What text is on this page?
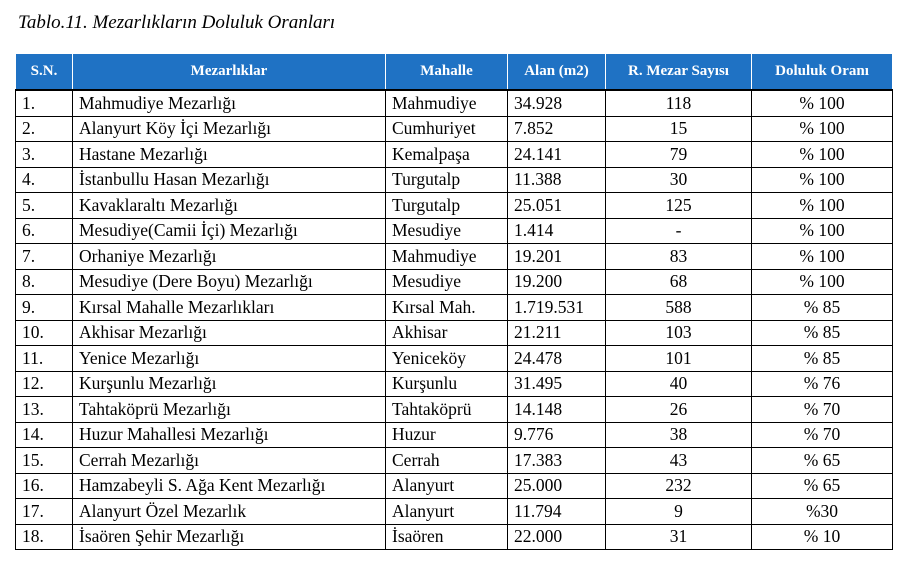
Tablo.11. Mezarlıkların Doluluk Oranları
S.N.	Mezarlıklar	Mahalle	Alan (m2)	R. Mezar Sayısı	Doluluk Oranı
1.	Mahmudiye Mezarlığı	Mahmudiye	34.928	118	% 100
2.	Alanyurt Köy İçi Mezarlığı	Cumhuriyet	7.852	15	% 100
3.	Hastane Mezarlığı	Kemalpaşa	24.141	79	% 100
4.	İstanbullu Hasan Mezarlığı	Turgutalp	11.388	30	% 100
5.	Kavaklaraltı Mezarlığı	Turgutalp	25.051	125	% 100
6.	Mesudiye(Camii İçi) Mezarlığı	Mesudiye	1.414	-	% 100
7.	Orhaniye Mezarlığı	Mahmudiye	19.201	83	% 100
8.	Mesudiye (Dere Boyu) Mezarlığı	Mesudiye	19.200	68	% 100
9.	Kırsal Mahalle Mezarlıkları	Kırsal Mah.	1.719.531	588	% 85
10.	Akhisar Mezarlığı	Akhisar	21.211	103	% 85
11.	Yenice Mezarlığı	Yeniceköy	24.478	101	% 85
12.	Kurşunlu Mezarlığı	Kurşunlu	31.495	40	% 76
13.	Tahtaköprü Mezarlığı	Tahtaköprü	14.148	26	% 70
14.	Huzur Mahallesi Mezarlığı	Huzur	9.776	38	% 70
15.	Cerrah Mezarlığı	Cerrah	17.383	43	% 65
16.	Hamzabeyli S. Ağa Kent Mezarlığı	Alanyurt	25.000	232	% 65
17.	Alanyurt Özel Mezarlık	Alanyurt	11.794	9	%30
18.	İsaören Şehir Mezarlığı	İsaören	22.000	31	% 10
